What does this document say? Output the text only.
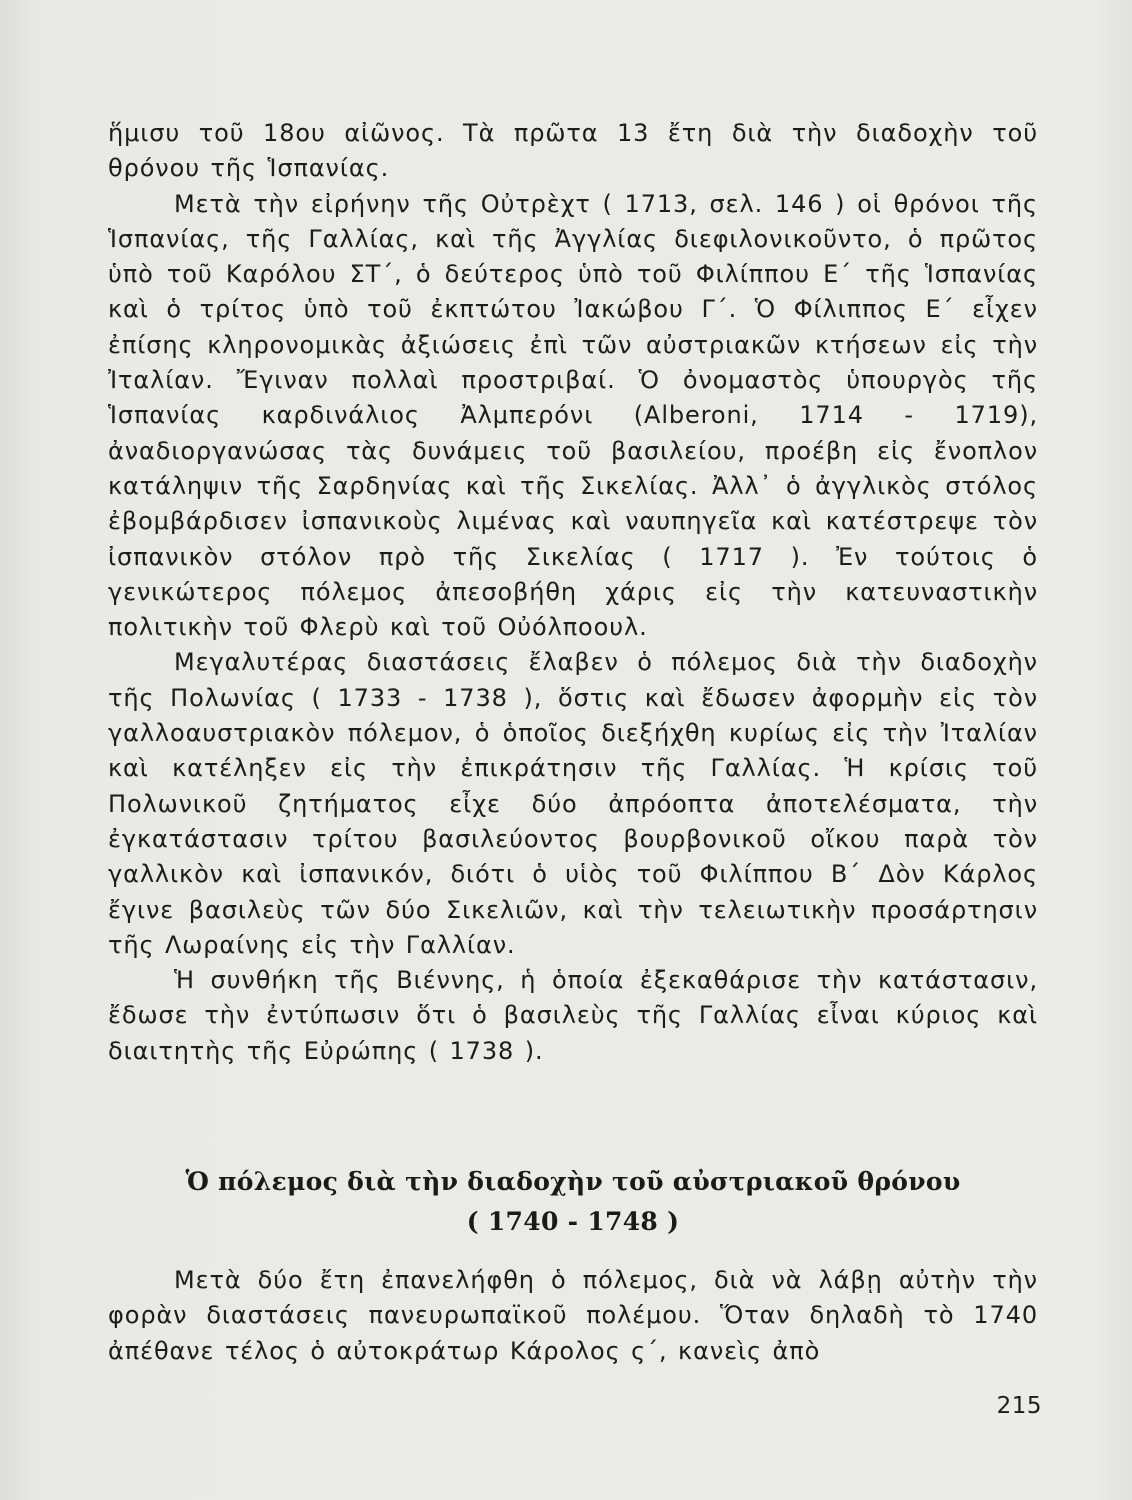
ἥμισυ τοῦ 18ου αἰῶνος. Τὰ πρῶτα 13 ἔτη διὰ τὴν διαδοχὴν τοῦ θρόνου τῆς Ἱσπανίας.

Μετὰ τὴν εἰρήνην τῆς Οὐτρὲχτ ( 1713, σελ. 146 ) οἱ θρόνοι τῆς Ἱσπανίας, τῆς Γαλλίας, καὶ τῆς Ἀγγλίας διεφιλονικοῦντο, ὁ πρῶτος ὑπὸ τοῦ Καρόλου ΣΤ΄, ὁ δεύτερος ὑπὸ τοῦ Φιλίππου Ε΄ τῆς Ἱσπανίας καὶ ὁ τρίτος ὑπὸ τοῦ ἐκπτώτου Ἰακώβου Γ΄. Ὁ Φίλιππος Ε΄ εἶχεν ἐπίσης κληρονομικὰς ἀξιώσεις ἐπὶ τῶν αὐστριακῶν κτήσεων εἰς τὴν Ἰταλίαν. Ἔγιναν πολλαὶ προστριβαί. Ὁ ὀνομαστὸς ὑπουργὸς τῆς Ἱσπανίας καρδινάλιος Ἀλμπερόνι (Alberoni, 1714 - 1719), ἀναδιοργανώσας τὰς δυνάμεις τοῦ βασιλείου, προέβη εἰς ἔνοπλον κατάληψιν τῆς Σαρδηνίας καὶ τῆς Σικελίας. Ἀλλ᾽ ὁ ἀγγλικὸς στόλος ἐβομβάρδισεν ἰσπανικοὺς λιμένας καὶ ναυπηγεῖα καὶ κατέστρεψε τὸν ἰσπανικὸν στόλον πρὸ τῆς Σικελίας ( 1717 ). Ἐν τούτοις ὁ γενικώτερος πόλεμος ἀπεσοβήθη χάρις εἰς τὴν κατευναστικὴν πολιτικὴν τοῦ Φλερὺ καὶ τοῦ Οὐόλποουλ.

Μεγαλυτέρας διαστάσεις ἔλαβεν ὁ πόλεμος διὰ τὴν διαδοχὴν τῆς Πολωνίας ( 1733 - 1738 ), ὅστις καὶ ἔδωσεν ἀφορμὴν εἰς τὸν γαλλοαυστριακὸν πόλεμον, ὁ ὁποῖος διεξήχθη κυρίως εἰς τὴν Ἰταλίαν καὶ κατέληξεν εἰς τὴν ἐπικράτησιν τῆς Γαλλίας. Ἡ κρίσις τοῦ Πολωνικοῦ ζητήματος εἶχε δύο ἀπρόοπτα ἀποτελέσματα, τὴν ἐγκατάστασιν τρίτου βασιλεύοντος βουρβονικοῦ οἴκου παρὰ τὸν γαλλικὸν καὶ ἰσπανικόν, διότι ὁ υἱὸς τοῦ Φιλίππου Β΄ Δὸν Κάρλος ἔγινε βασιλεὺς τῶν δύο Σικελιῶν, καὶ τὴν τελειωτικὴν προσάρτησιν τῆς Λωραίνης εἰς τὴν Γαλλίαν.

Ἡ συνθήκη τῆς Βιέννης, ἡ ὁποία ἐξεκαθάρισε τὴν κατάστασιν, ἔδωσε τὴν ἐντύπωσιν ὅτι ὁ βασιλεὺς τῆς Γαλλίας εἶναι κύριος καὶ διαιτητὴς τῆς Εὐρώπης ( 1738 ).

Ὁ πόλεμος διὰ τὴν διαδοχὴν τοῦ αὐστριακοῦ θρόνου
( 1740 - 1748 )

Μετὰ δύο ἔτη ἐπανελήφθη ὁ πόλεμος, διὰ νὰ λάβῃ αὐτὴν τὴν φορὰν διαστάσεις πανευρωπαϊκοῦ πολέμου. Ὅταν δηλαδὴ τὸ 1740 ἀπέθανε τέλος ὁ αὐτοκράτωρ Κάρολος ς΄, κανεὶς ἀπὸ

215
